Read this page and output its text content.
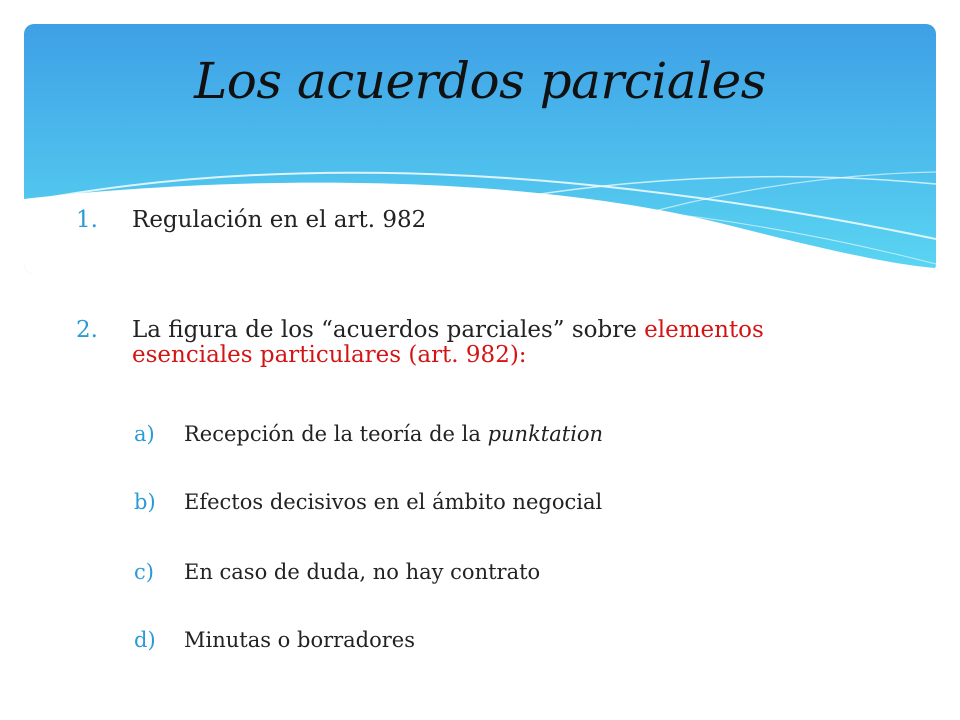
Los acuerdos parciales
1. Regulación en el art. 982
2. La figura de los “acuerdos parciales” sobre elementos
esenciales particulares (art. 982):
a) Recepción de la teoría de la punktation
b) Efectos decisivos en el ámbito negocial
c) En caso de duda, no hay contrato
d) Minutas o borradores
